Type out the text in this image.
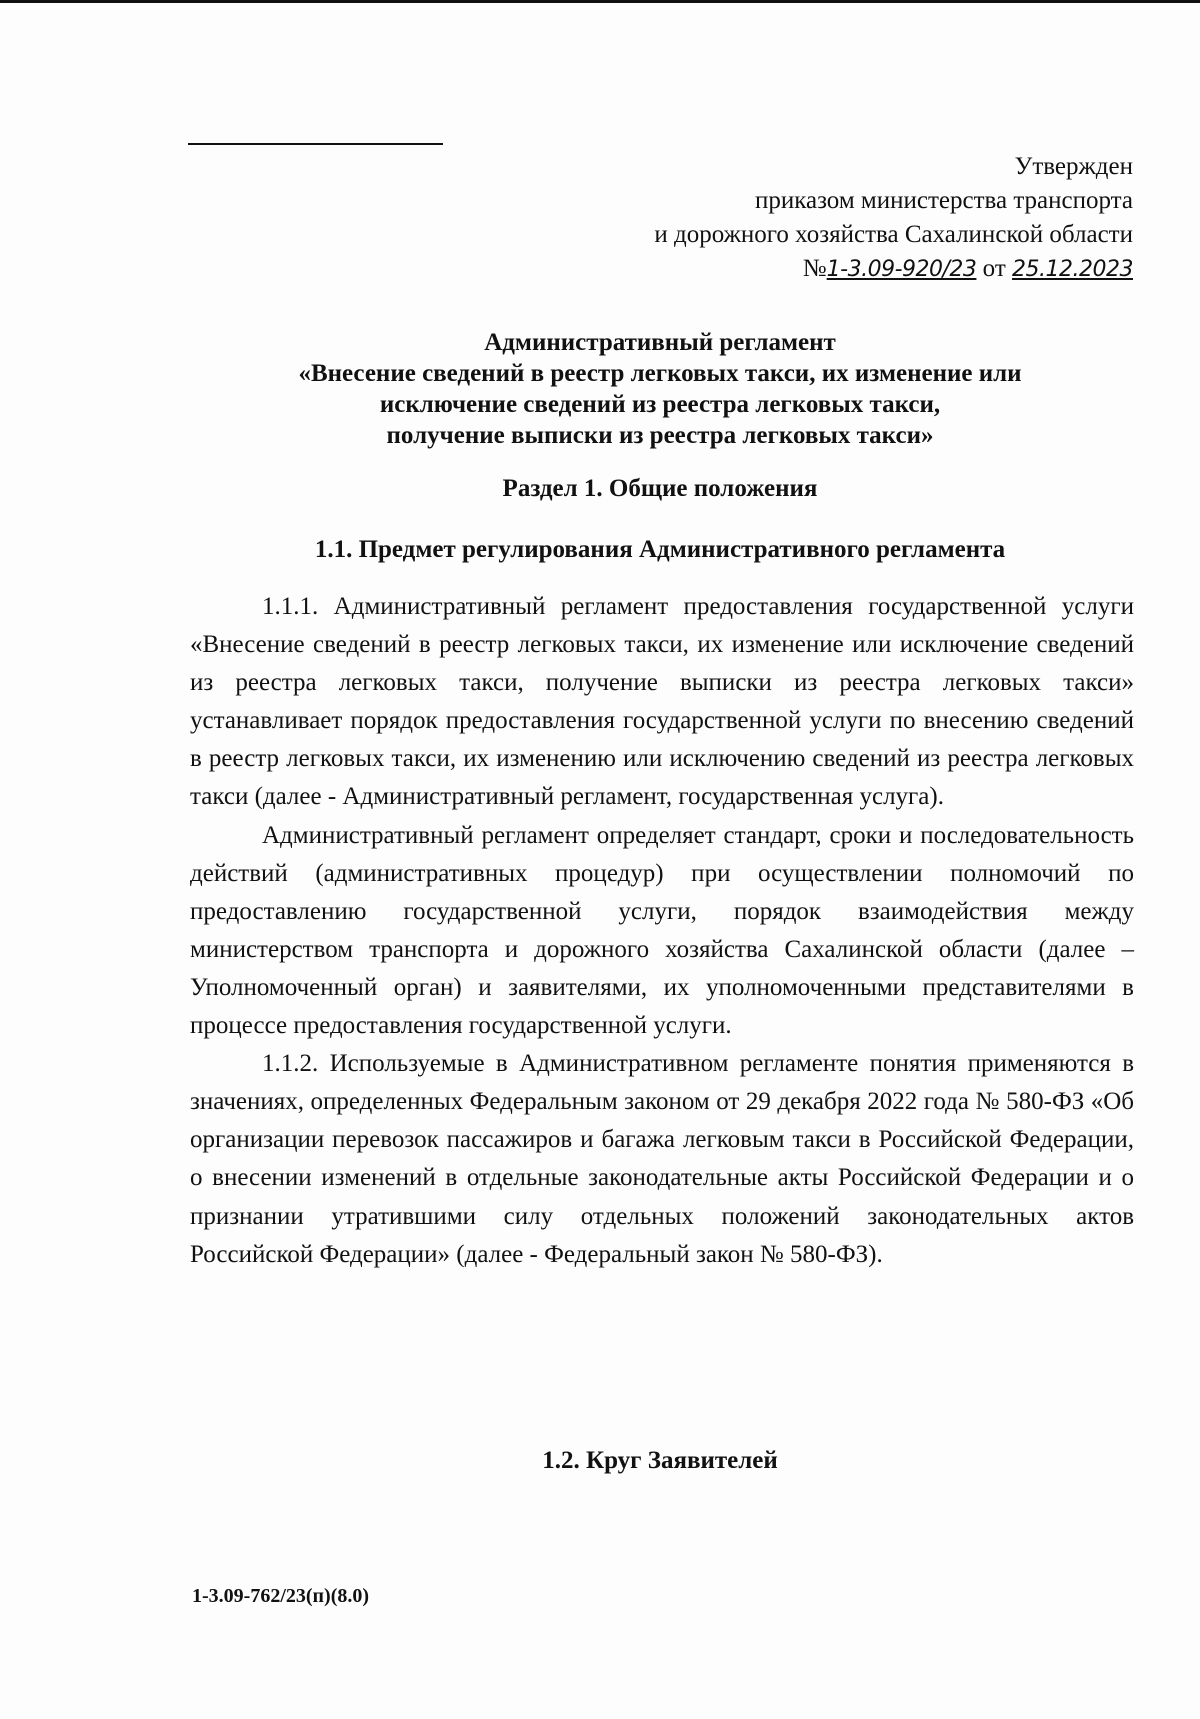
Утвержден
приказом министерства транспорта
и дорожного хозяйства Сахалинской области
№1-3.09-920/23 от 25.12.2023
Административный регламент
«Внесение сведений в реестр легковых такси, их изменение или
исключение сведений из реестра легковых такси,
получение выписки из реестра легковых такси»
Раздел 1. Общие положения
1.1. Предмет регулирования Административного регламента

1.1.1. Административный регламент предоставления государственной услуги «Внесение сведений в реестр легковых такси, их изменение или исключение сведений из реестра легковых такси, получение выписки из реестра легковых такси» устанавливает порядок предоставления государственной услуги по внесению сведений в реестр легковых такси, их изменению или исключению сведений из реестра легковых такси (далее - Административный регламент, государственная услуга).

Административный регламент определяет стандарт, сроки и последовательность действий (административных процедур) при осуществлении полномочий по предоставлению государственной услуги, порядок взаимодействия между министерством транспорта и дорожного хозяйства Сахалинской области (далее – Уполномоченный орган) и заявителями, их уполномоченными представителями в процессе предоставления государственной услуги.

1.1.2. Используемые в Административном регламенте понятия применяются в значениях, определенных Федеральным законом от 29 декабря 2022 года № 580-ФЗ «Об организации перевозок пассажиров и багажа легковым такси в Российской Федерации, о внесении изменений в отдельные законодательные акты Российской Федерации и о признании утратившими силу отдельных положений законодательных актов Российской Федерации» (далее - Федеральный закон № 580-ФЗ).

1.2. Круг Заявителей
1-3.09-762/23(п)(8.0)
